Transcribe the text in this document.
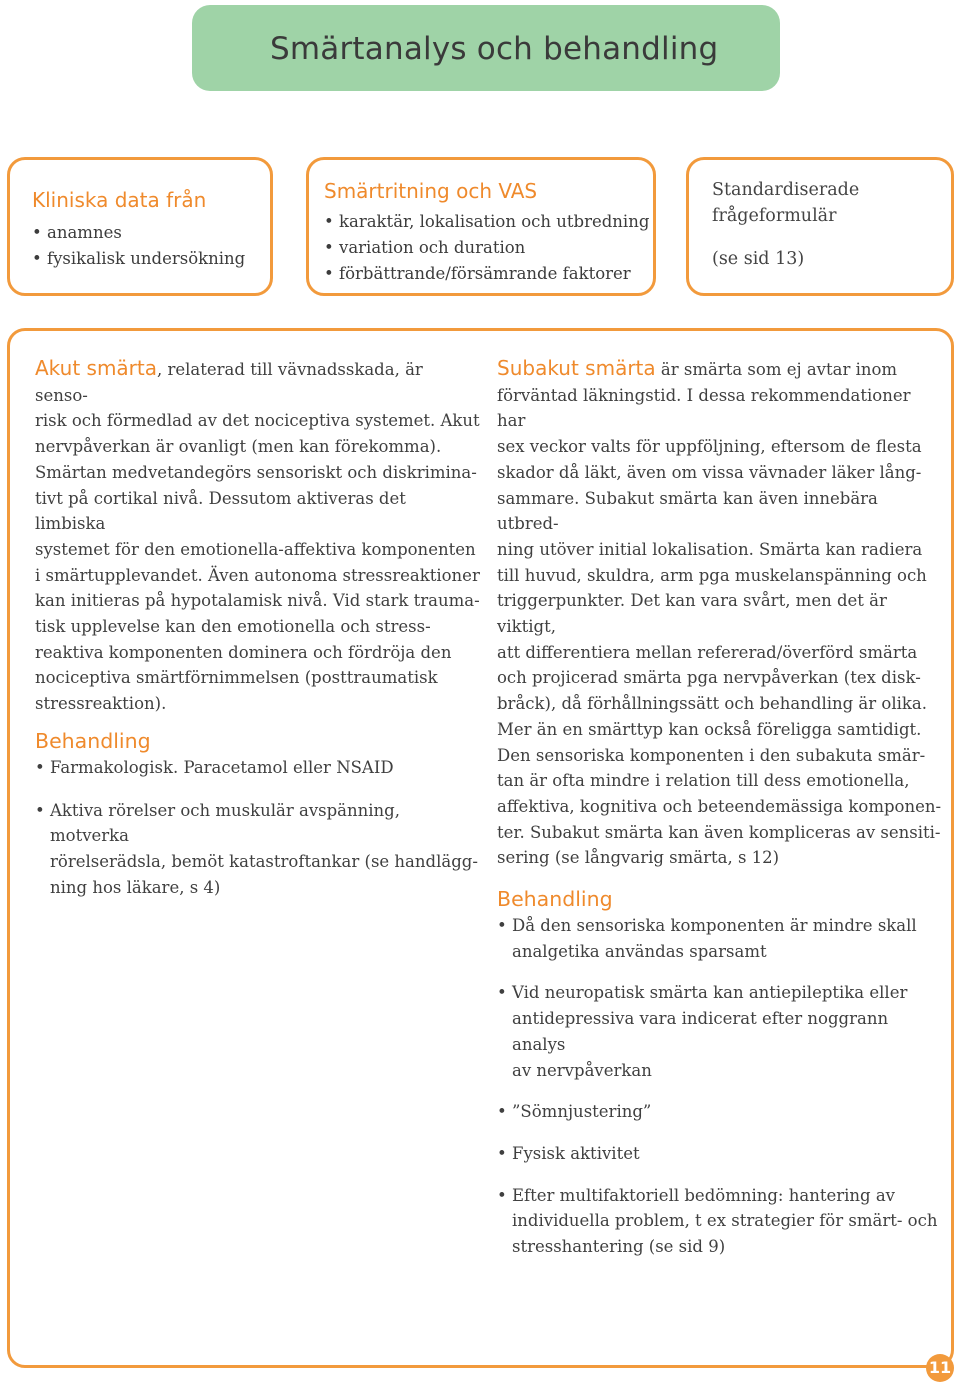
Smärtanalys och behandling
Kliniska data från
• anamnes
• fysikalisk undersökning
Smärtritning och VAS
• karaktär, lokalisation och utbredning
• variation och duration
• förbättrande/försämrande faktorer
Standardiserade
frågeformulär
(se sid 13)
Akut smärta, relaterad till vävnadsskada, är senso-
risk och förmedlad av det nociceptiva systemet. Akut
nervpåverkan är ovanligt (men kan förekomma).
Smärtan medvetandegörs sensoriskt och diskrimina-
tivt på cortikal nivå. Dessutom aktiveras det limbiska
systemet för den emotionella-affektiva komponenten
i smärtupplevandet. Även autonoma stressreaktioner
kan initieras på hypotalamisk nivå. Vid stark trauma-
tisk upplevelse kan den emotionella och stress-
reaktiva komponenten dominera och fördröja den
nociceptiva smärtförnimmelsen (posttraumatisk
stressreaktion).
Behandling
• Farmakologisk. Paracetamol eller NSAID
• Aktiva rörelser och muskulär avspänning, motverka
rörelserädsla, bemöt katastroftankar (se handlägg-
ning hos läkare, s 4)
Subakut smärta är smärta som ej avtar inom
förväntad läkningstid. I dessa rekommendationer har
sex veckor valts för uppföljning, eftersom de flesta
skador då läkt, även om vissa vävnader läker lång-
sammare. Subakut smärta kan även innebära utbred-
ning utöver initial lokalisation. Smärta kan radiera
till huvud, skuldra, arm pga muskelanspänning och
triggerpunkter. Det kan vara svårt, men det är viktigt,
att differentiera mellan refererad/överförd smärta
och projicerad smärta pga nervpåverkan (tex disk-
bråck), då förhållningssätt och behandling är olika.
Mer än en smärttyp kan också föreligga samtidigt.
Den sensoriska komponenten i den subakuta smär-
tan är ofta mindre i relation till dess emotionella,
affektiva, kognitiva och beteendemässiga komponen-
ter. Subakut smärta kan även kompliceras av sensiti-
sering (se långvarig smärta, s 12)
Behandling
• Då den sensoriska komponenten är mindre skall
analgetika användas sparsamt
• Vid neuropatisk smärta kan antiepileptika eller
antidepressiva vara indicerat efter noggrann analys
av nervpåverkan
• ”Sömnjustering”
• Fysisk aktivitet
• Efter multifaktoriell bedömning: hantering av
individuella problem, t ex strategier för smärt- och
stresshantering (se sid 9)
11
